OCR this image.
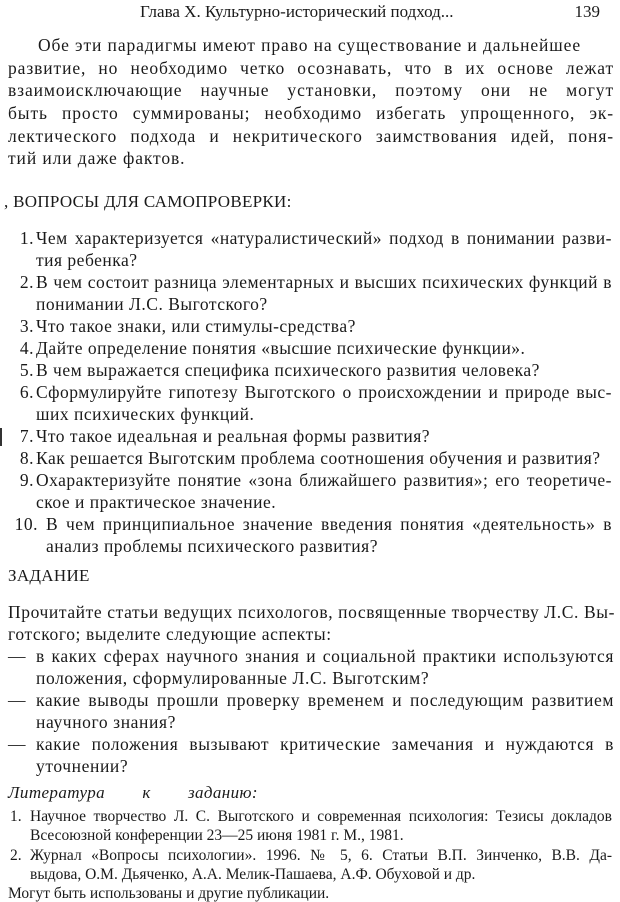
Глава X. Культурно-исторический подход...	139
Обе эти парадигмы имеют право на существование и дальнейшее
развитие, но необходимо четко осознавать, что в их основе лежат
взаимоисключающие научные установки, поэтому они не могут
быть просто суммированы; необходимо избегать упрощенного, эк-
лектического подхода и некритического заимствования идей, поня-
тий или даже фактов.
, ВОПРОСЫ ДЛЯ САМОПРОВЕРКИ:
1. Чем характеризуется «натуралистический» подход в понимании разви-
тия ребенка?
2. В чем состоит разница элементарных и высших психических функций в
понимании Л.С. Выготского?
3. Что такое знаки, или стимулы-средства?
4. Дайте определение понятия «высшие психические функции».
5. В чем выражается специфика психического развития человека?
6. Сформулируйте гипотезу Выготского о происхождении и природе выс-
ших психических функций.
7. Что такое идеальная и реальная формы развития?
8. Как решается Выготским проблема соотношения обучения и развития?
9. Охарактеризуйте понятие «зона ближайшего развития»; его теоретиче-
ское и практическое значение.
10. В чем принципиальное значение введения понятия «деятельность» в
анализ проблемы психического развития?
ЗАДАНИЕ
Прочитайте статьи ведущих психологов, посвященные творчеству Л.С. Вы-
готского; выделите следующие аспекты:
— в каких сферах научного знания и социальной практики используются
положения, сформулированные Л.С. Выготским?
— какие выводы прошли проверку временем и последующим развитием
научного знания?
— какие положения вызывают критические замечания и нуждаются в
уточнении?
Литература к заданию:
1. Научное творчество Л. С. Выготского и современная психология: Тезисы докладов
Всесоюзной конференции 23—25 июня 1981 г. М., 1981.
2. Журнал «Вопросы психологии». 1996. № 5, 6. Статьи В.П. Зинченко, В.В. Да-
выдова, О.М. Дьяченко, А.А. Мелик-Пашаева, А.Ф. Обуховой и др.
Могут быть использованы и другие публикации.
